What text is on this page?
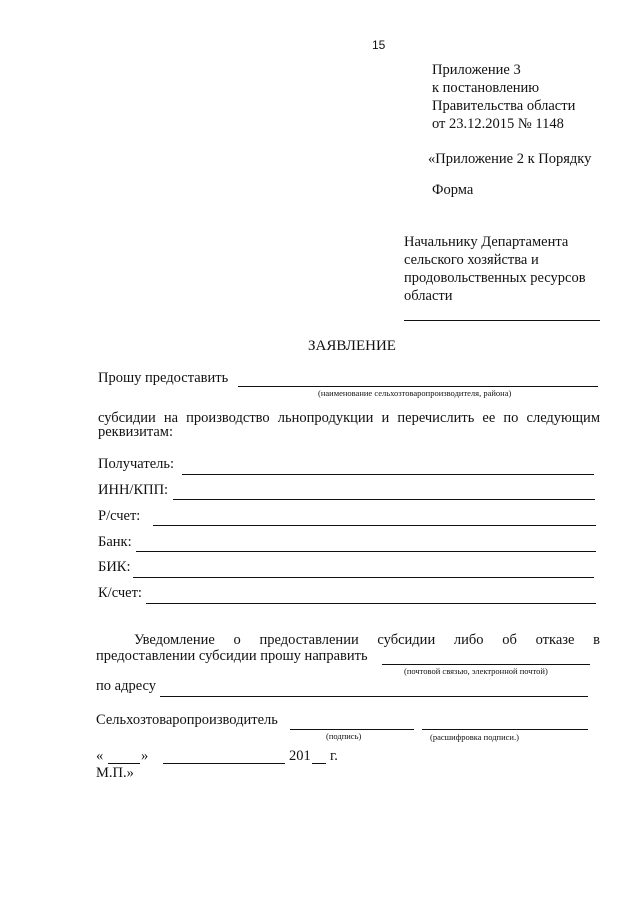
15
Приложение 3
к постановлению
Правительства области
от 23.12.2015 № 1148
«Приложение 2 к Порядку
Форма
Начальнику Департамента
сельского хозяйства и
продовольственных ресурсов
области
ЗАЯВЛЕНИЕ
Прошу предоставить
(наименование сельхозтоваропроизводителя, района)
субсидии на производство льнопродукции и перечислить ее по следующим
реквизитам:
Получатель:
ИНН/КПП:
Р/счет:
Банк:
БИК:
К/счет:
Уведомление о предоставлении субсидии либо об отказе в
предоставлении субсидии прошу направить
(почтовой связью, электронной почтой)
по адресу
Сельхозтоваропроизводитель
(подпись)	(расшифровка подписи.)
«	»	201 г.
М.П.»
